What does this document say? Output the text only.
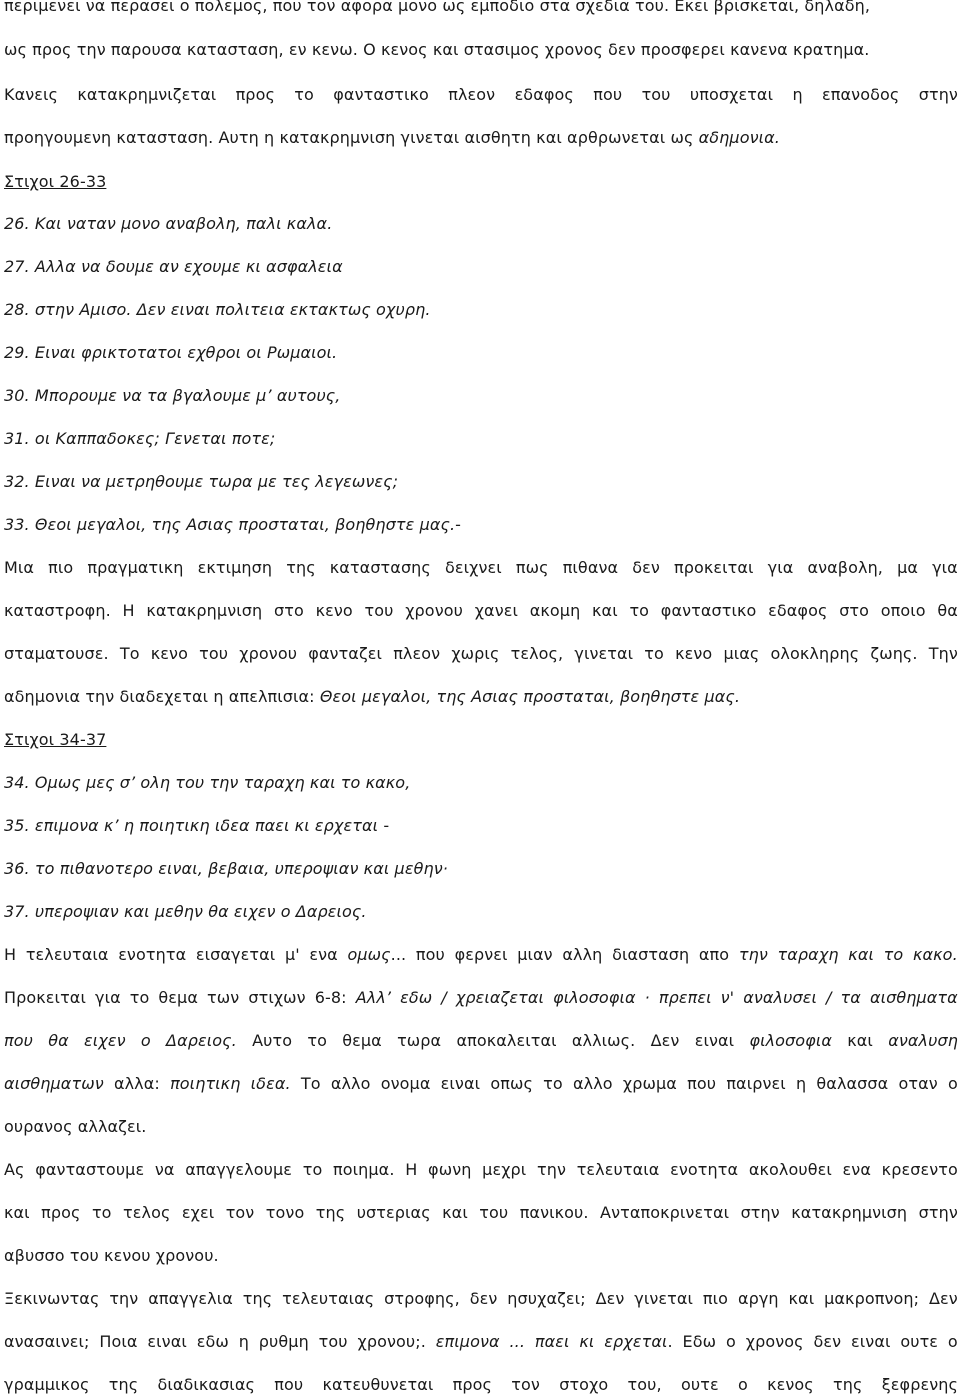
περιμενει να περασει ο πολεμος, που τον αφορα μονο ως εμποδιο στα σχεδια του. Εκει βρισκεται, δηλαδη,
ως προς την παρουσα κατασταση, εν κενω. Ο κενος και στασιμος χρονος δεν προσφερει κανενα κρατημα.
Κανεις κατακρημνιζεται προς το φανταστικο πλεον εδαφος που του υποσχεται η επανοδος στην
προηγουμενη κατασταση. Αυτη η κατακρημνιση γινεται αισθητη και αρθρωνεται ως αδημονια.
Στιχοι 26-33
26. Και ναταν μονο αναβολη, παλι καλα.
27. Αλλα να δουμε αν εχουμε κι ασφαλεια
28. στην Αμισο. Δεν ειναι πολιτεια εκτακτως οχυρη.
29. Ειναι φρικτοτατοι εχθροι οι Ρωμαιοι.
30. Μπορουμε να τα βγαλουμε μ’ αυτους,
31. οι Καππαδοκες; Γενεται ποτε;
32. Ειναι να μετρηθουμε τωρα με τες λεγεωνες;
33. Θεοι μεγαλοι, της Ασιας προσταται, βοηθηστε μας.-
Μια πιο πραγματικη εκτιμηση της καταστασης δειχνει πως πιθανα δεν προκειται για αναβολη, μα για
καταστροφη. Η κατακρημνιση στο κενο του χρονου χανει ακομη και το φανταστικο εδαφος στο οποιο θα
σταματουσε. Το κενο του χρονου φανταζει πλεον χωρις τελος, γινεται το κενο μιας ολοκληρης ζωης. Την
αδημονια την διαδεχεται η απελπισια: Θεοι μεγαλοι, της Ασιας προσταται, βοηθηστε μας.
Στιχοι 34-37
34. Ομως μες σ’ ολη του την ταραχη και το κακο,
35. επιμονα κ’ η ποιητικη ιδεα παει κι ερχεται -
36. το πιθανοτερο ειναι, βεβαια, υπεροψιαν και μεθην·
37. υπεροψιαν και μεθην θα ειχεν ο Δαρειος.
Η τελευταια ενοτητα εισαγεται μ' ενα ομως... που φερνει μιαν αλλη διασταση απο την ταραχη και το κακο.
Προκειται για το θεμα των στιχων 6-8: Αλλ’ εδω / χρειαζεται φιλοσοφια · πρεπει ν' αναλυσει / τα αισθηματα
που θα ειχεν ο Δαρειος. Αυτο το θεμα τωρα αποκαλειται αλλιως. Δεν ειναι φιλοσοφια και αναλυση
αισθηματων αλλα: ποιητικη ιδεα. Το αλλο ονομα ειναι οπως το αλλο χρωμα που παιρνει η θαλασσα οταν ο
ουρανος αλλαζει.
Ας φανταστουμε να απαγγελουμε το ποιημα. Η φωνη μεχρι την τελευταια ενοτητα ακολουθει ενα κρεσεντο
και προς το τελος εχει τον τονο της υστεριας και του πανικου. Ανταποκρινεται στην κατακρημνιση στην
αβυσσο του κενου χρονου.
Ξεκινωντας την απαγγελια της τελευταιας στροφης, δεν ησυχαζει; Δεν γινεται πιο αργη και μακροπνοη; Δεν
ανασαινει; Ποια ειναι εδω η ρυθμη του χρονου;. επιμονα ... παει κι ερχεται. Εδω ο χρονος δεν ειναι ουτε ο
γραμμικος της διαδικασιας που κατευθυνεται προς τον στοχο του, ουτε ο κενος της ξεφρενης
